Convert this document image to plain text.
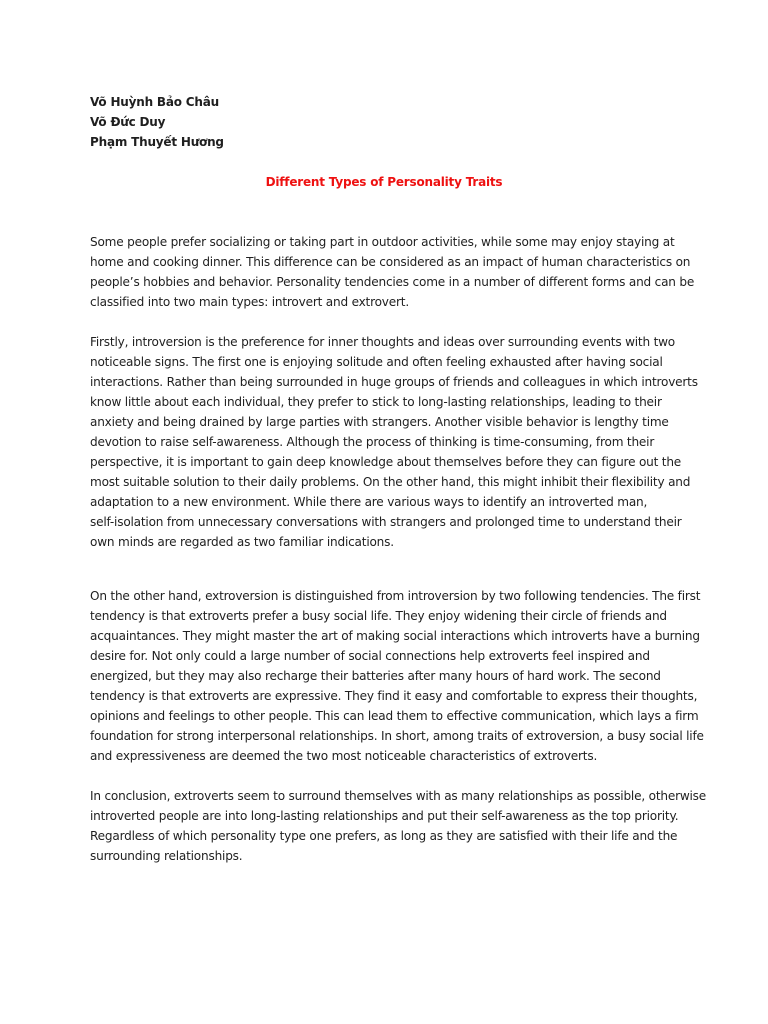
Võ Huỳnh Bảo Châu
Võ Đức Duy
Phạm Thuyết Hương
Different Types of Personality Traits

Some people prefer socializing or taking part in outdoor activities, while some may enjoy staying at
home and cooking dinner. This difference can be considered as an impact of human characteristics on
people’s hobbies and behavior. Personality tendencies come in a number of different forms and can be
classified into two main types: introvert and extrovert.

Firstly, introversion is the preference for inner thoughts and ideas over surrounding events with two
noticeable signs. The first one is enjoying solitude and often feeling exhausted after having social
interactions. Rather than being surrounded in huge groups of friends and colleagues in which introverts
know little about each individual, they prefer to stick to long-lasting relationships, leading to their
anxiety and being drained by large parties with strangers. Another visible behavior is lengthy time
devotion to raise self-awareness. Although the process of thinking is time-consuming, from their
perspective, it is important to gain deep knowledge about themselves before they can figure out the
most suitable solution to their daily problems. On the other hand, this might inhibit their flexibility and
adaptation to a new environment. While there are various ways to identify an introverted man,
self-isolation from unnecessary conversations with strangers and prolonged time to understand their
own minds are regarded as two familiar indications.

On the other hand, extroversion is distinguished from introversion by two following tendencies. The first
tendency is that extroverts prefer a busy social life. They enjoy widening their circle of friends and
acquaintances. They might master the art of making social interactions which introverts have a burning
desire for. Not only could a large number of social connections help extroverts feel inspired and
energized, but they may also recharge their batteries after many hours of hard work. The second
tendency is that extroverts are expressive. They find it easy and comfortable to express their thoughts,
opinions and feelings to other people. This can lead them to effective communication, which lays a firm
foundation for strong interpersonal relationships. In short, among traits of extroversion, a busy social life
and expressiveness are deemed the two most noticeable characteristics of extroverts.

In conclusion, extroverts seem to surround themselves with as many relationships as possible, otherwise
introverted people are into long-lasting relationships and put their self-awareness as the top priority.
Regardless of which personality type one prefers, as long as they are satisfied with their life and the
surrounding relationships.
